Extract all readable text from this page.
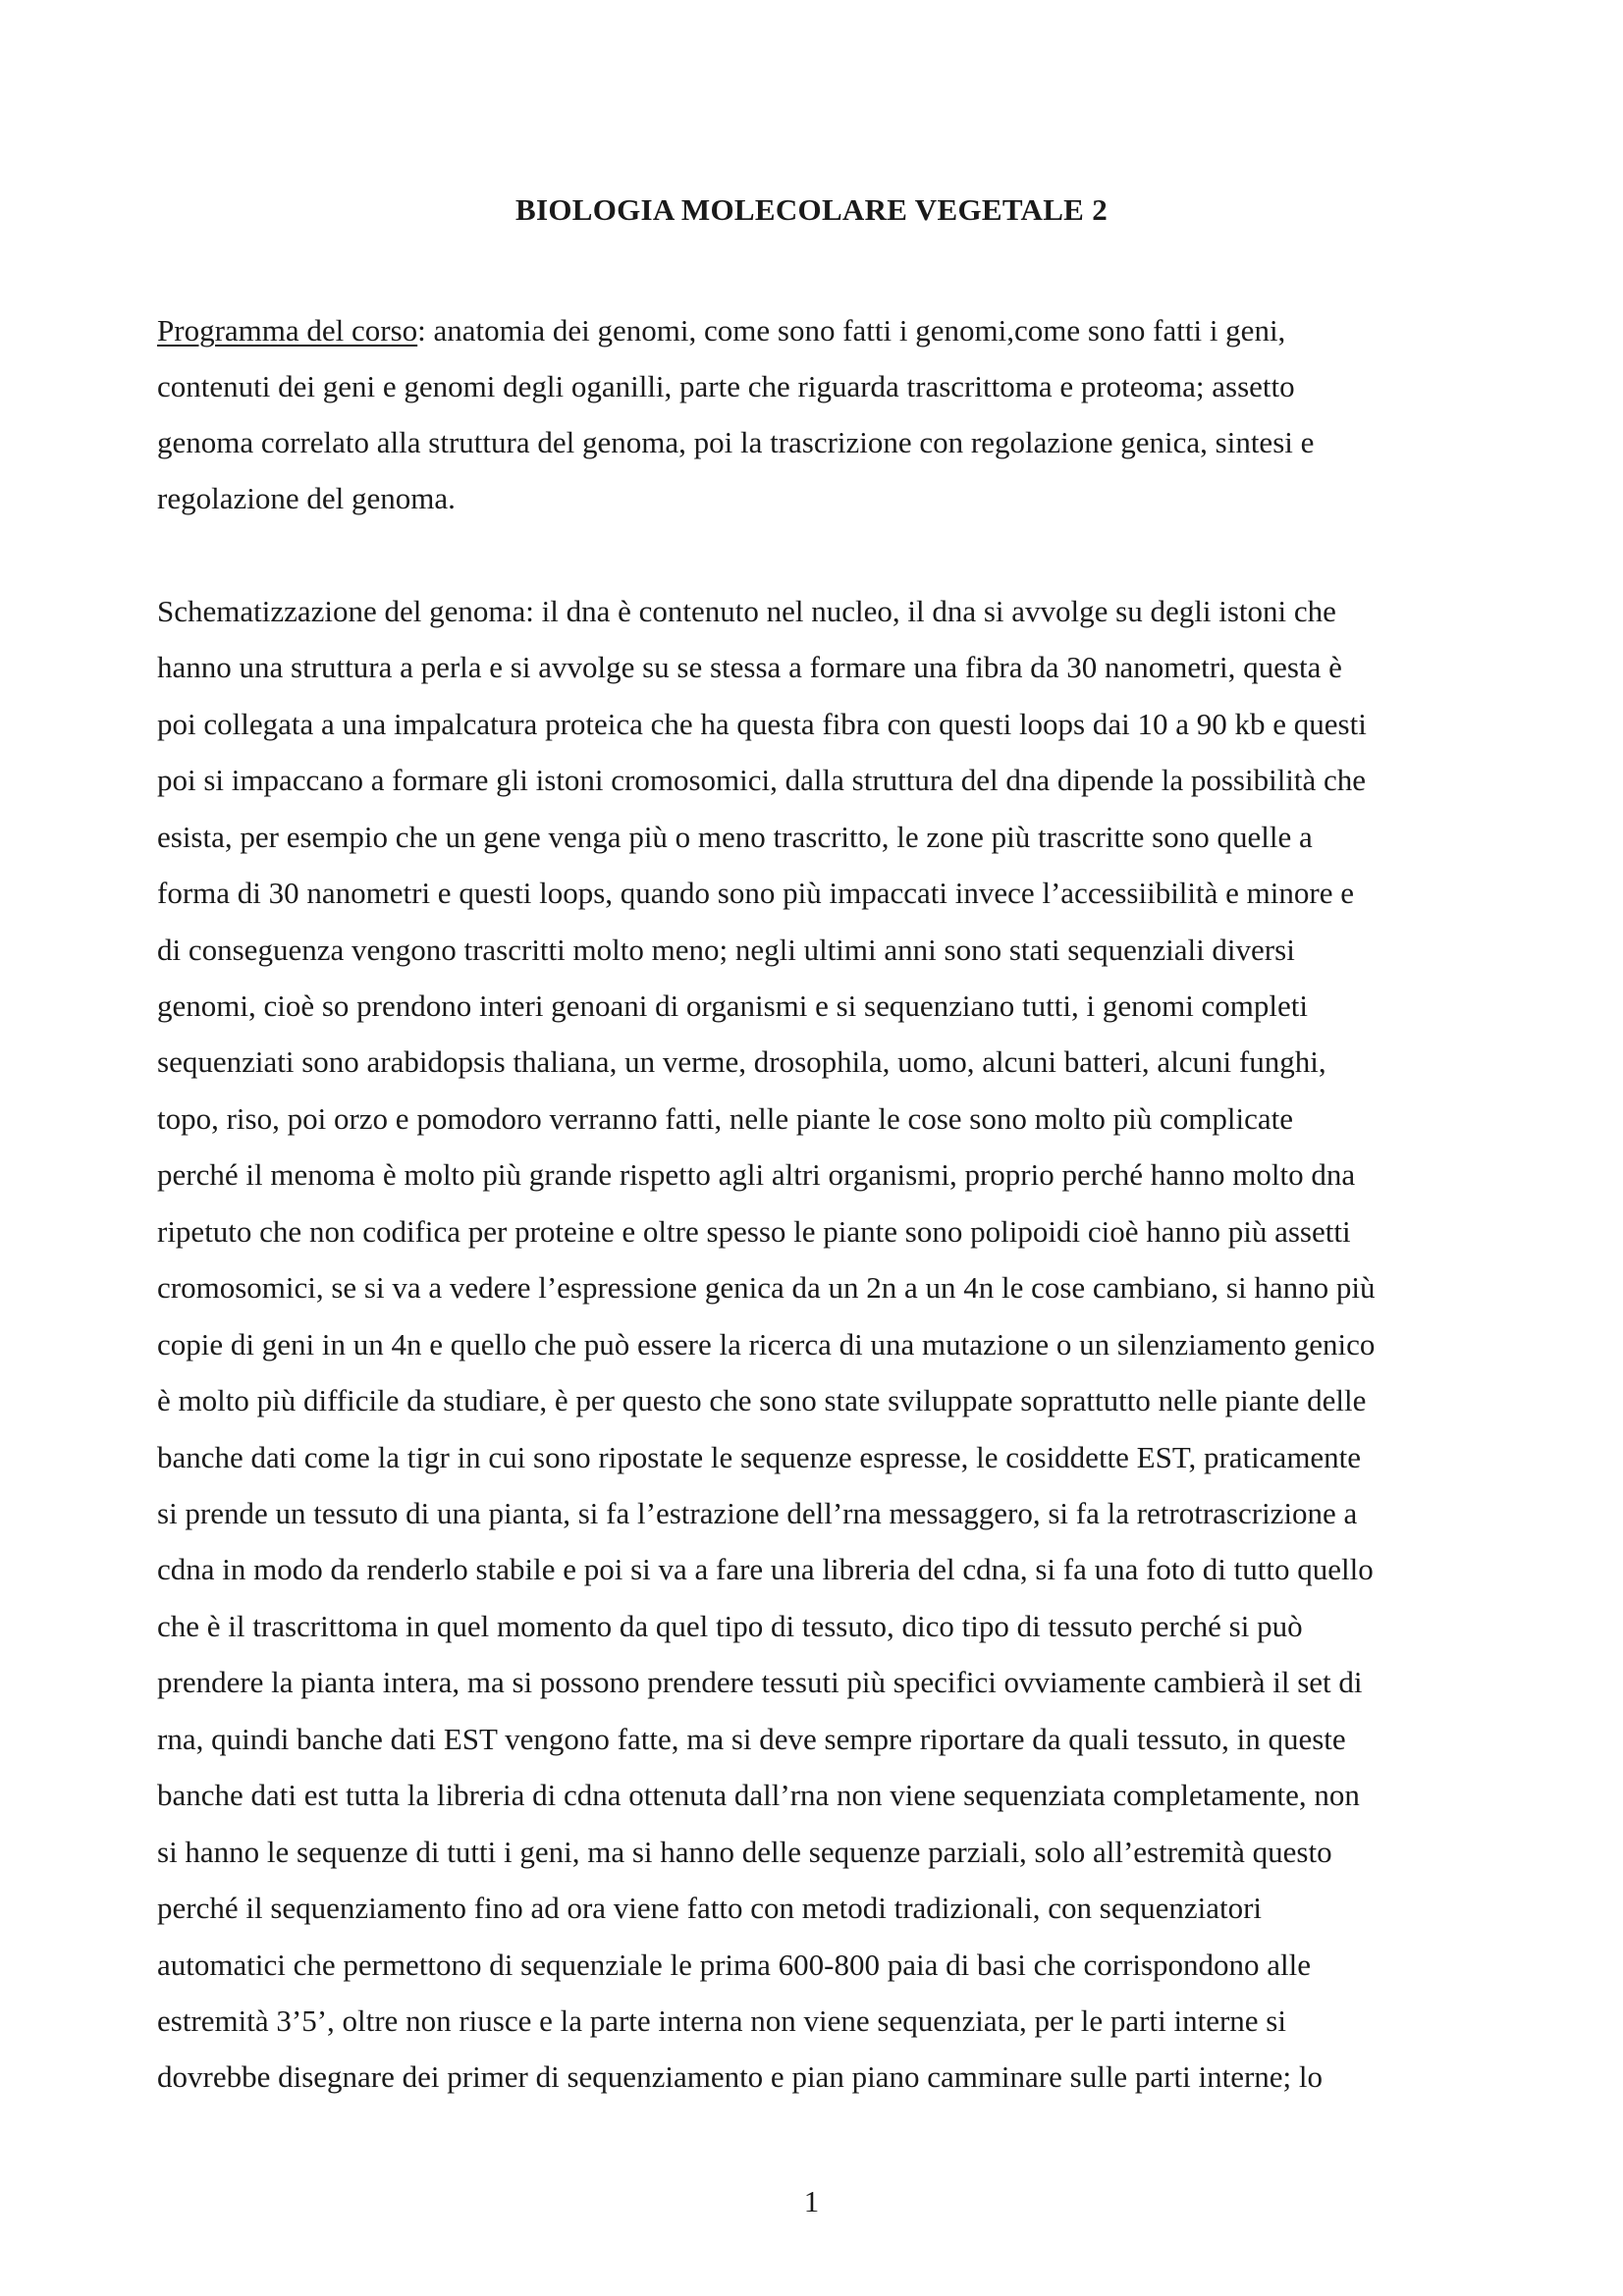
BIOLOGIA MOLECOLARE VEGETALE 2
Programma del corso: anatomia dei genomi, come sono fatti i genomi,come sono fatti i geni,
contenuti dei geni e genomi degli oganilli, parte che riguarda trascrittoma e proteoma; assetto
genoma correlato alla struttura del genoma, poi la trascrizione con regolazione genica, sintesi e
regolazione del genoma.
Schematizzazione del genoma: il dna è contenuto nel nucleo, il dna si avvolge su degli istoni che
hanno una struttura a perla e si avvolge su se stessa a formare una fibra da 30 nanometri, questa è
poi collegata a una impalcatura proteica che ha questa fibra con questi loops dai 10 a 90 kb e questi
poi si impaccano a formare gli istoni cromosomici, dalla struttura del dna dipende la possibilità che
esista, per esempio che un gene venga più o meno trascritto, le zone più trascritte sono quelle a
forma di 30 nanometri e questi loops, quando sono più impaccati invece l’accessiibilità e minore e
di conseguenza vengono trascritti molto meno; negli ultimi anni sono stati sequenziali diversi
genomi, cioè so prendono interi genoani di organismi e si sequenziano tutti, i genomi completi
sequenziati sono arabidopsis thaliana, un verme, drosophila, uomo, alcuni batteri, alcuni funghi,
topo, riso, poi orzo e pomodoro verranno fatti, nelle piante le cose sono molto più complicate
perché il menoma è molto più grande rispetto agli altri organismi, proprio perché hanno molto dna
ripetuto che non codifica per proteine e oltre spesso le piante sono polipoidi cioè hanno più assetti
cromosomici, se si va a vedere l’espressione genica da un 2n a un 4n le cose cambiano, si hanno più
copie di geni in un 4n e quello che può essere la ricerca di una mutazione o un silenziamento genico
è molto più difficile da studiare, è per questo che sono state sviluppate soprattutto nelle piante delle
banche dati come la tigr in cui sono ripostate le sequenze espresse, le cosiddette EST, praticamente
si prende un tessuto di una pianta, si fa l’estrazione dell’rna messaggero, si fa la retrotrascrizione a
cdna in modo da renderlo stabile e poi si va a fare una libreria del cdna, si fa una foto di tutto quello
che è il trascrittoma in quel momento da quel tipo di tessuto, dico tipo di tessuto perché si può
prendere la pianta intera, ma si possono prendere tessuti più specifici ovviamente cambierà il set di
rna, quindi banche dati EST vengono fatte, ma si deve sempre riportare da quali tessuto, in queste
banche dati est tutta la libreria di cdna ottenuta dall’rna non viene sequenziata completamente, non
si hanno le sequenze di tutti i geni, ma si hanno delle sequenze parziali, solo all’estremità questo
perché il sequenziamento fino ad ora viene fatto con metodi tradizionali, con sequenziatori
automatici che permettono di sequenziale le prima 600-800 paia di basi che corrispondono alle
estremità 3’5’, oltre non riusce e la parte interna non viene sequenziata, per le parti interne si
dovrebbe disegnare dei primer di sequenziamento e pian piano camminare sulle parti interne; lo
1
